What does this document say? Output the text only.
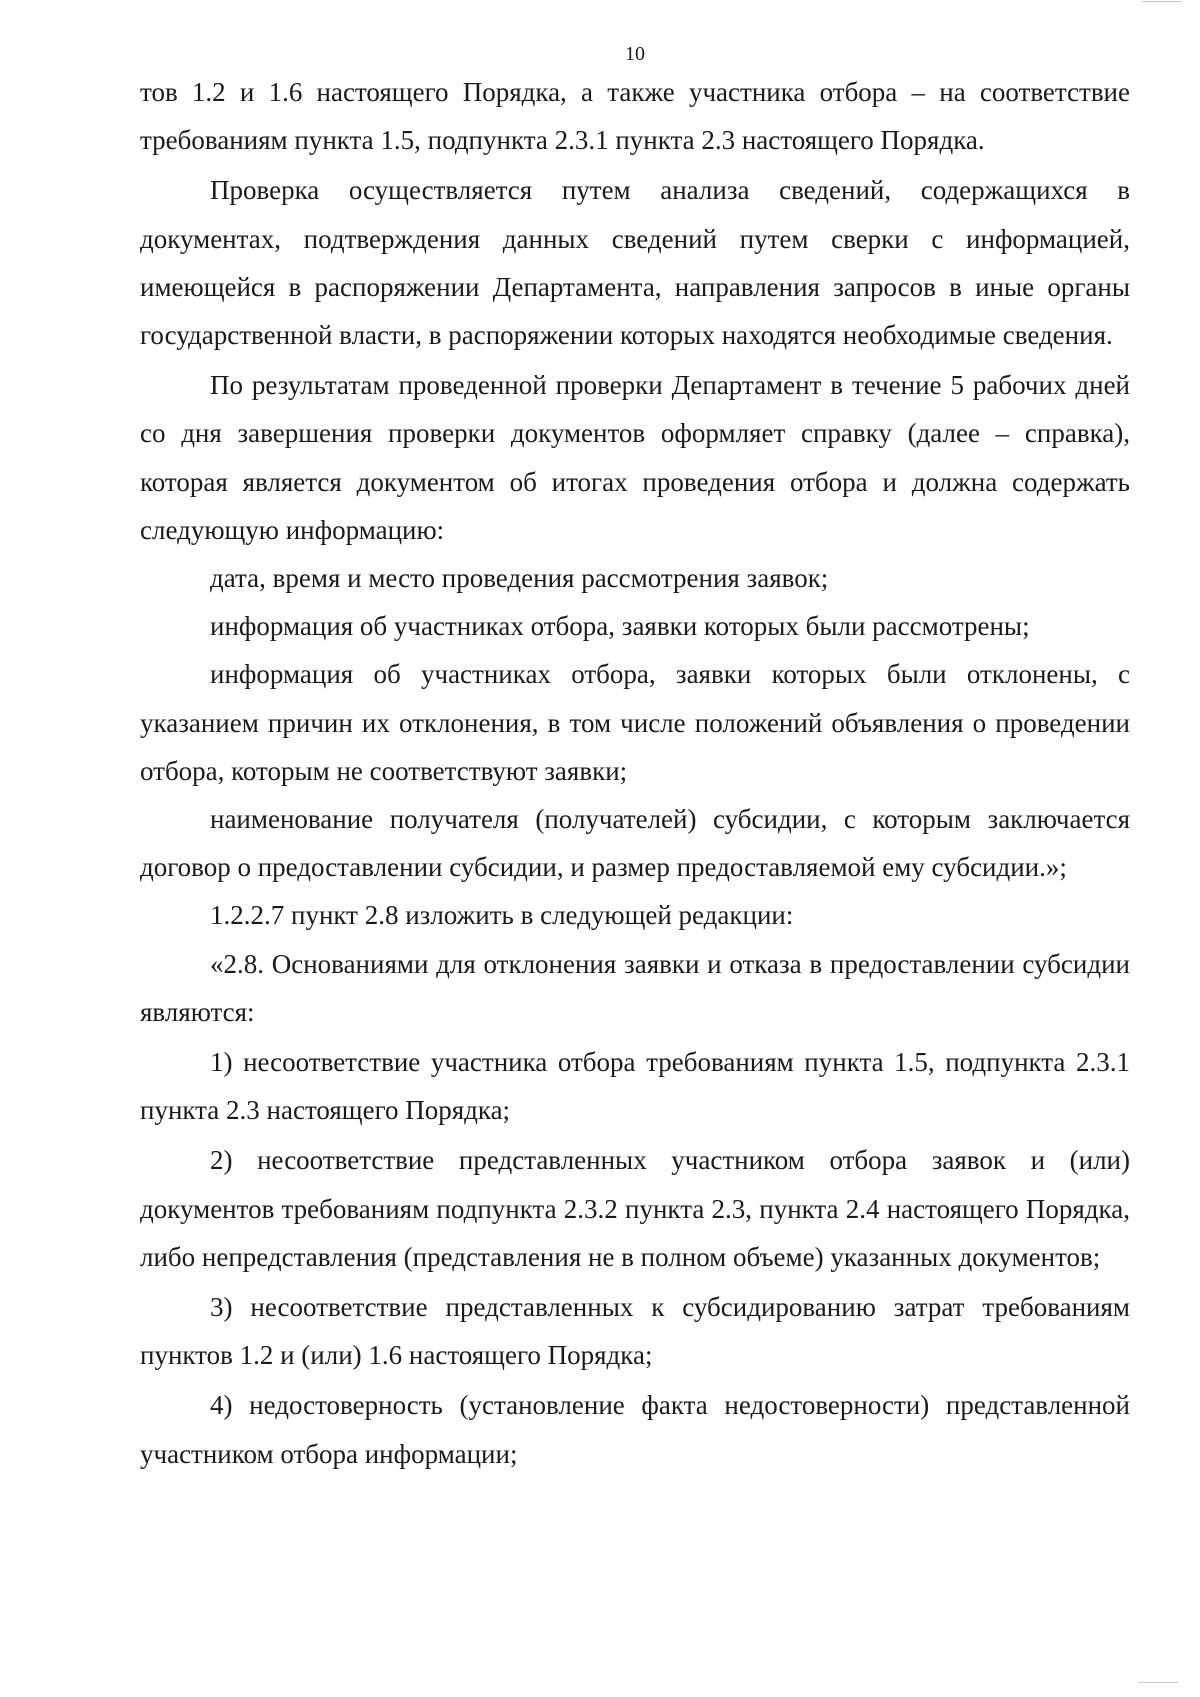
10

тов 1.2 и 1.6 настоящего Порядка, а также участника отбора – на соответствие требованиям пункта 1.5, подпункта 2.3.1 пункта 2.3 настоящего Порядка.

Проверка осуществляется путем анализа сведений, содержащихся в документах, подтверждения данных сведений путем сверки с информацией, имеющейся в распоряжении Департамента, направления запросов в иные органы государственной власти, в распоряжении которых находятся необходимые сведения.

По результатам проведенной проверки Департамент в течение 5 рабочих дней со дня завершения проверки документов оформляет справку (далее – справка), которая является документом об итогах проведения отбора и должна содержать следующую информацию:

дата, время и место проведения рассмотрения заявок;

информация об участниках отбора, заявки которых были рассмотрены;

информация об участниках отбора, заявки которых были отклонены, с указанием причин их отклонения, в том числе положений объявления о проведении отбора, которым не соответствуют заявки;

наименование получателя (получателей) субсидии, с которым заключается договор о предоставлении субсидии, и размер предоставляемой ему субсидии.»;

1.2.2.7 пункт 2.8 изложить в следующей редакции:

«2.8. Основаниями для отклонения заявки и отказа в предоставлении субсидии являются:

1) несоответствие участника отбора требованиям пункта 1.5, подпункта 2.3.1 пункта 2.3 настоящего Порядка;

2) несоответствие представленных участником отбора заявок и (или) документов требованиям подпункта 2.3.2 пункта 2.3, пункта 2.4 настоящего Порядка, либо непредставления (представления не в полном объеме) указанных документов;

3) несоответствие представленных к субсидированию затрат требованиям пунктов 1.2 и (или) 1.6 настоящего Порядка;

4) недостоверность (установление факта недостоверности) представленной участником отбора информации;
